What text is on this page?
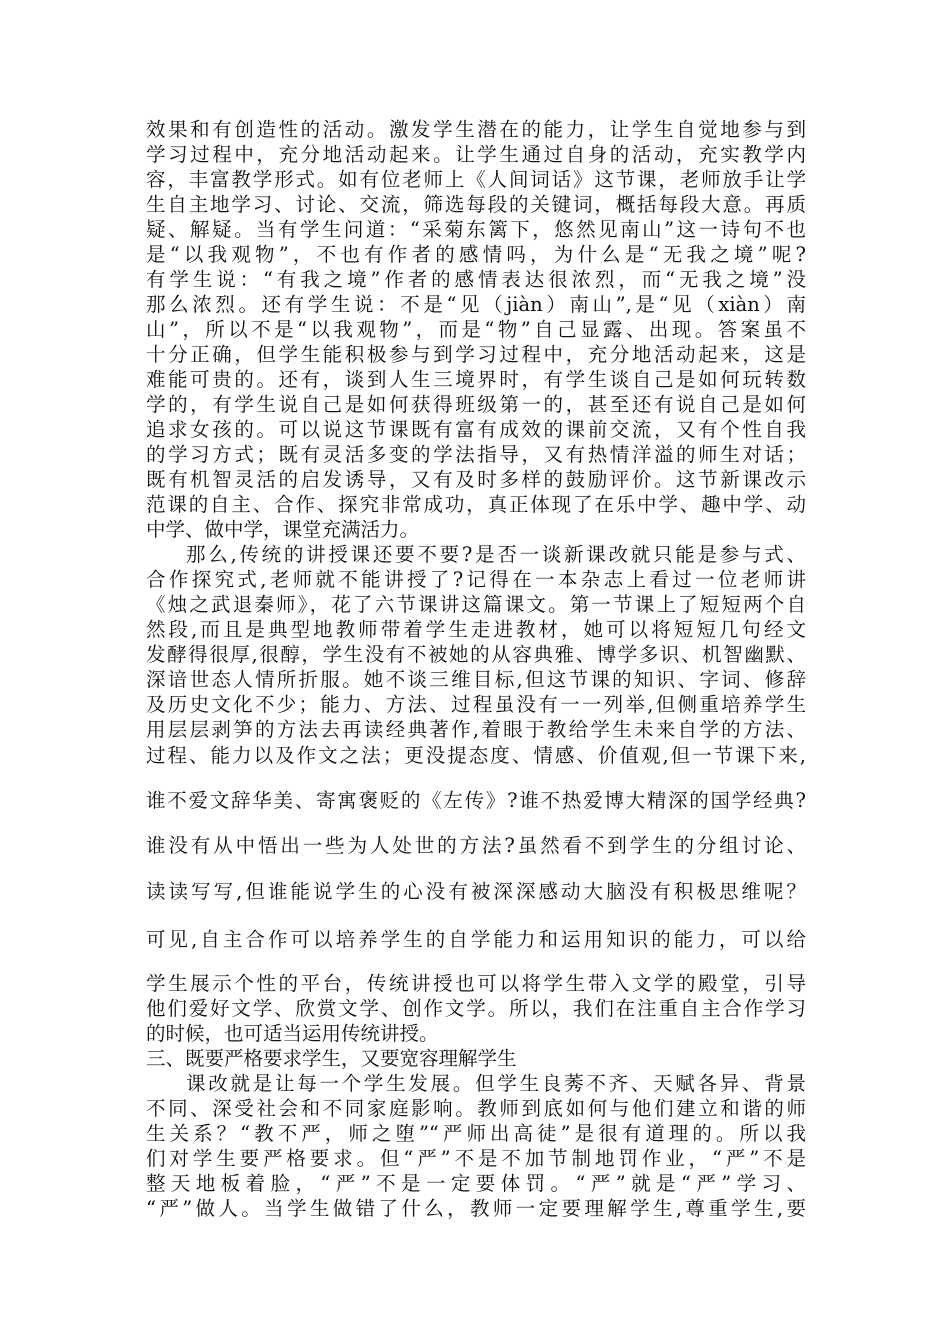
效果和有创造性的活动。激发学生潜在的能力，让学生自觉地参与到
学习过程中，充分地活动起来。让学生通过自身的活动，充实教学内
容，丰富教学形式。如有位老师上《人间词话》这节课，老师放手让学
生自主地学习、讨论、交流，筛选每段的关键词，概括每段大意。再质
疑、解疑。当有学生问道：“采菊东篱下，悠然见南山”这一诗句不也
是“以我观物”，不也有作者的感情吗，为什么是“无我之境”呢?
有学生说：“有我之境”作者的感情表达很浓烈，而“无我之境”没
那么浓烈。还有学生说：不是“见（jiàn）南山”,是“见（xiàn）南
山”，所以不是“以我观物”，而是“物”自己显露、出现。答案虽不
十分正确，但学生能积极参与到学习过程中，充分地活动起来，这是
难能可贵的。还有，谈到人生三境界时，有学生谈自己是如何玩转数
学的，有学生说自己是如何获得班级第一的，甚至还有说自己是如何
追求女孩的。可以说这节课既有富有成效的课前交流，又有个性自我
的学习方式；既有灵活多变的学法指导，又有热情洋溢的师生对话；
既有机智灵活的启发诱导，又有及时多样的鼓励评价。这节新课改示
范课的自主、合作、探究非常成功，真正体现了在乐中学、趣中学、动
中学、做中学，课堂充满活力。
那么,传统的讲授课还要不要?是否一谈新课改就只能是参与式、
合作探究式,老师就不能讲授了?记得在一本杂志上看过一位老师讲
《烛之武退秦师》，花了六节课讲这篇课文。第一节课上了短短两个自
然段,而且是典型地教师带着学生走进教材，她可以将短短几句经文
发酵得很厚,很醇，学生没有不被她的从容典雅、博学多识、机智幽默、
深谙世态人情所折服。她不谈三维目标,但这节课的知识、字词、修辞
及历史文化不少；能力、方法、过程虽没有一一列举,但侧重培养学生
用层层剥笋的方法去再读经典著作,着眼于教给学生未来自学的方法、
过程、能力以及作文之法；更没提态度、情感、价值观,但一节课下来,
谁不爱文辞华美、寄寓褒贬的《左传》?谁不热爱博大精深的国学经典?
谁没有从中悟出一些为人处世的方法?虽然看不到学生的分组讨论、
读读写写,但谁能说学生的心没有被深深感动大脑没有积极思维呢？
可见,自主合作可以培养学生的自学能力和运用知识的能力，可以给
学生展示个性的平台，传统讲授也可以将学生带入文学的殿堂，引导
他们爱好文学、欣赏文学、创作文学。所以，我们在注重自主合作学习
的时候，也可适当运用传统讲授。
三、既要严格要求学生，又要宽容理解学生
课改就是让每一个学生发展。但学生良莠不齐、天赋各异、背景
不同、深受社会和不同家庭影响。教师到底如何与他们建立和谐的师
生关系？“教不严，师之堕”“严师出高徒”是很有道理的。所以我
们对学生要严格要求。但“严”不是不加节制地罚作业，“严”不是
整天地板着脸，“严”不是一定要体罚。“严”就是“严”学习、
“严”做人。当学生做错了什么，教师一定要理解学生,尊重学生,要
